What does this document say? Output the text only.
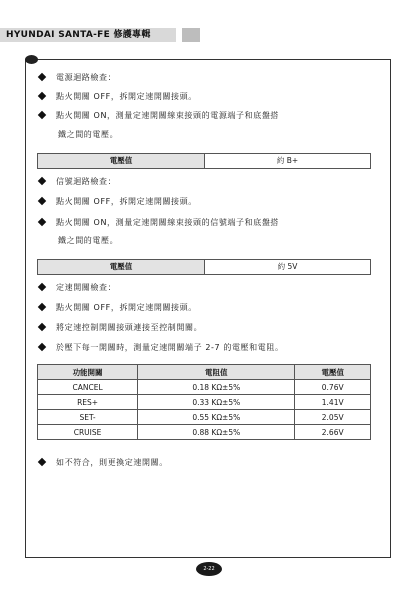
HYUNDAI SANTA-FE 修護專輯
電源迴路檢查：
點火開關 OFF，拆開定速開關接頭。
點火開關 ON，測量定速開關線束接頭的電源端子和底盤搭
鐵之間的電壓。
電壓值	約 B+
信號迴路檢查：
點火開關 OFF，拆開定速開關接頭。
點火開關 ON，測量定速開關線束接頭的信號端子和底盤搭
鐵之間的電壓。
電壓值	約 5V
定速開關檢查：
點火開關 OFF，拆開定速開關接頭。
將定速控制開關接頭連接至控制開關。
於壓下每一開關時，測量定速開關端子 2-7 的電壓和電阻。
功能開關	電阻值	電壓值
CANCEL	0.18 KΩ±5%	0.76V
RES+	0.33 KΩ±5%	1.41V
SET-	0.55 KΩ±5%	2.05V
CRUISE	0.88 KΩ±5%	2.66V
如不符合，則更換定速開關。
2-22
